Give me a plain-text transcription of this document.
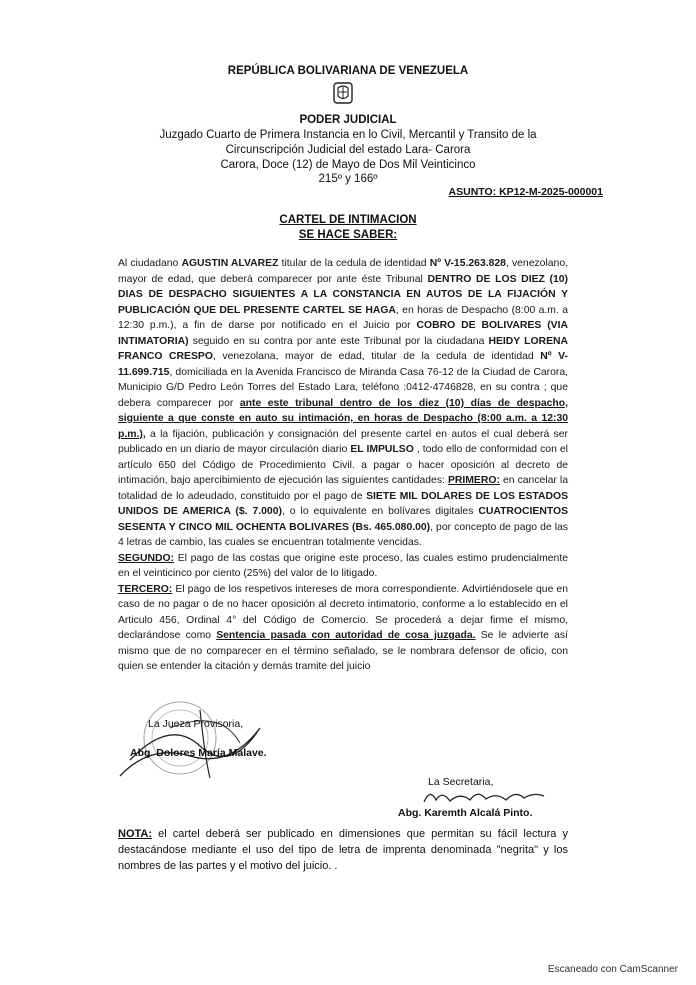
REPÚBLICA BOLIVARIANA DE VENEZUELA
PODER JUDICIAL
Juzgado Cuarto de Primera Instancia en lo Civil, Mercantil y Transito de la
Circunscripción Judicial del estado Lara- Carora
Carora, Doce (12) de Mayo de Dos Mil Veinticinco
215º y 166º
ASUNTO: KP12-M-2025-000001
CARTEL DE INTIMACION
SE HACE SABER:

Al ciudadano AGUSTIN ALVAREZ titular de la cedula de identidad Nº V-15.263.828, venezolano, mayor de edad, que deberá comparecer por ante éste Tribunal DENTRO DE LOS DIEZ (10) DIAS DE DESPACHO SIGUIENTES A LA CONSTANCIA EN AUTOS DE LA FIJACIÓN Y PUBLICACIÓN QUE DEL PRESENTE CARTEL SE HAGA, en horas de Despacho (8:00 a.m. a 12:30 p.m.), a fin de darse por notificado en el Juicio por COBRO DE BOLIVARES (VIA INTIMATORIA) seguido en su contra por ante este Tribunal por la ciudadana HEIDY LORENA FRANCO CRESPO, venezolana, mayor de edad, titular de la cedula de identidad Nº V-11.699.715, domiciliada en la Avenida Francisco de Miranda Casa 76-12 de la Ciudad de Carora, Municipio G/D Pedro León Torres del Estado Lara, teléfono :0412-4746828, en su contra ; que debera comparecer por ante este tribunal dentro de los diez (10) días de despacho, siguiente a que conste en auto su intimación, en horas de Despacho (8:00 a.m. a 12:30 p.m.), a la fijación, publicación y consignación del presente cartel en autos el cual deberá ser publicado en un diario de mayor circulación diario EL IMPULSO , todo ello de conformidad con el artículo 650 del Código de Procedimiento Civil. a pagar o hacer oposición al decreto de intimación, bajo apercibimiento de ejecución las siguientes cantidades: PRIMERO: en cancelar la totalidad de lo adeudado, constituido por el pago de SIETE MIL DOLARES DE LOS ESTADOS UNIDOS DE AMERICA ($. 7.000), o lo equivalente en bolívares digitales CUATROCIENTOS SESENTA Y CINCO MIL OCHENTA BOLIVARES (Bs. 465.080.00), por concepto de pago de las 4 letras de cambio, las cuales se encuentran totalmente vencidas.

SEGUNDO: El pago de las costas que origine este proceso, las cuales estimo prudencialmente en el veinticinco por ciento (25%) del valor de lo litigado.

TERCERO: El pago de los respetivos intereses de mora correspondiente. Advirtiéndosele que en caso de no pagar o de no hacer oposición al decreto intimatorio, conforme a lo establecido en el Articulo 456, Ordinal 4° del Código de Comercio. Se procederá a dejar firme el mismo, declarándose como Sentencia pasada con autoridad de cosa juzgada. Se le advierte así mismo que de no comparecer en el término señalado, se le nombrara defensor de oficio, con quien se entender la citación y demás tramite del juicio

La Jueza Provisoria,
Abg. Dolores María Malave.
La Secretaria,
Abg. Karemth Alcalá Pinto.
NOTA: el cartel deberá ser publicado en dimensiones que permitan su fácil lectura y destacándose mediante el uso del tipo de letra de imprenta denominada "negrita" y los nombres de las partes y el motivo del juicio. .
Escaneado con CamScanner
